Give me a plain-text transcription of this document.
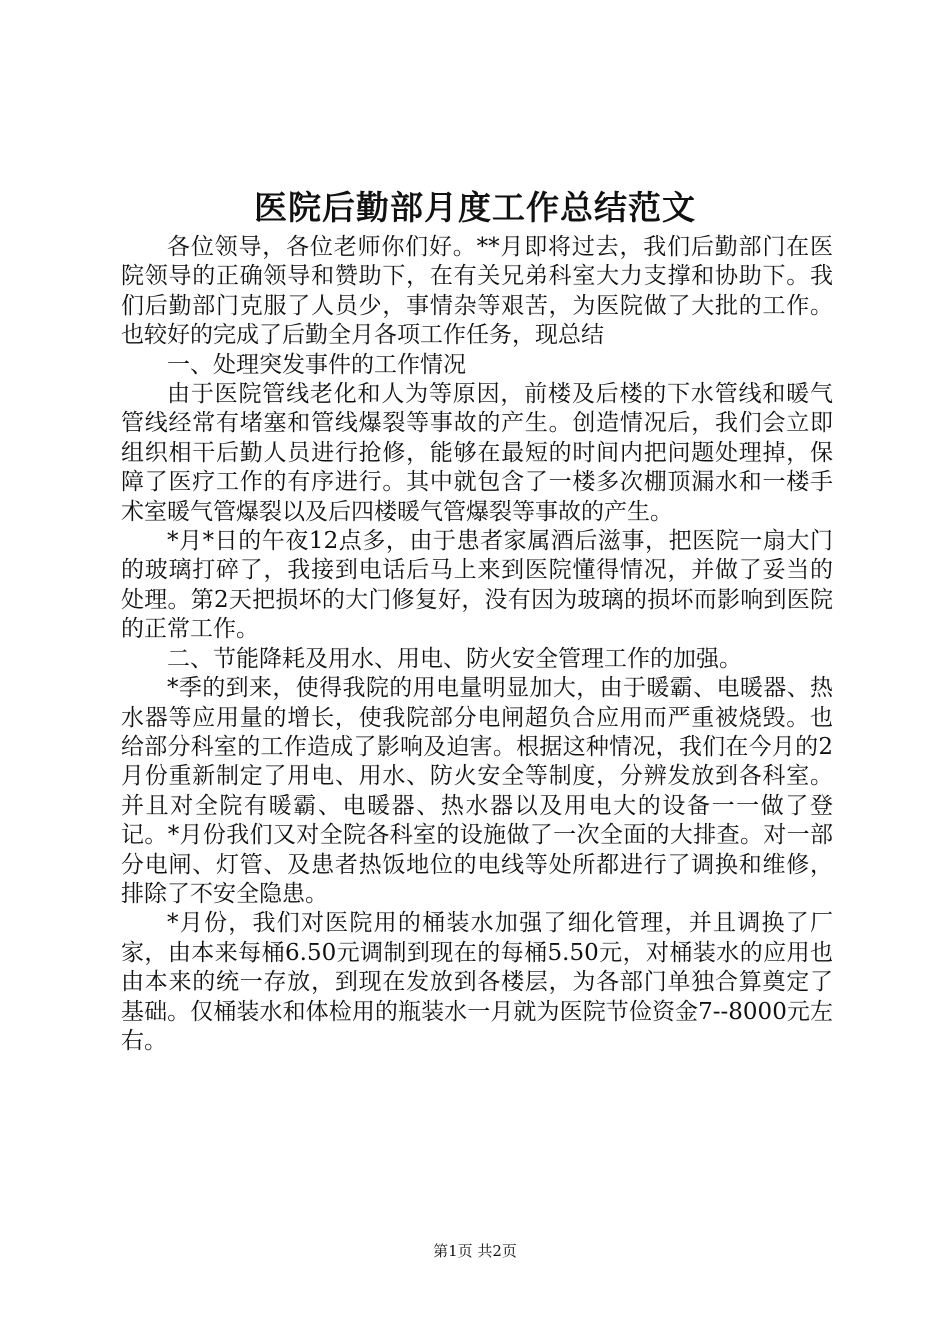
医院后勤部月度工作总结范文

各位领导，各位老师你们好。**月即将过去，我们后勤部门在医院领导的正确领导和赞助下，在有关兄弟科室大力支撑和协助下。我们后勤部门克服了人员少，事情杂等艰苦，为医院做了大批的工作。也较好的完成了后勤全月各项工作任务，现总结

一、处理突发事件的工作情况

由于医院管线老化和人为等原因，前楼及后楼的下水管线和暖气管线经常有堵塞和管线爆裂等事故的产生。创造情况后，我们会立即组织相干后勤人员进行抢修，能够在最短的时间内把问题处理掉，保障了医疗工作的有序进行。其中就包含了一楼多次棚顶漏水和一楼手术室暖气管爆裂以及后四楼暖气管爆裂等事故的产生。

*月*日的午夜12点多，由于患者家属酒后滋事，把医院一扇大门的玻璃打碎了，我接到电话后马上来到医院懂得情况，并做了妥当的处理。第2天把损坏的大门修复好，没有因为玻璃的损坏而影响到医院的正常工作。

二、节能降耗及用水、用电、防火安全管理工作的加强。

*季的到来，使得我院的用电量明显加大，由于暖霸、电暖器、热水器等应用量的增长，使我院部分电闸超负合应用而严重被烧毁。也给部分科室的工作造成了影响及迫害。根据这种情况，我们在今月的2月份重新制定了用电、用水、防火安全等制度，分辨发放到各科室。并且对全院有暖霸、电暖器、热水器以及用电大的设备一一做了登记。*月份我们又对全院各科室的设施做了一次全面的大排查。对一部分电闸、灯管、及患者热饭地位的电线等处所都进行了调换和维修，排除了不安全隐患。

*月份，我们对医院用的桶装水加强了细化管理，并且调换了厂家，由本来每桶6.50元调制到现在的每桶5.50元，对桶装水的应用也由本来的统一存放，到现在发放到各楼层，为各部门单独合算奠定了基础。仅桶装水和体检用的瓶装水一月就为医院节俭资金7--8000元左右。

第1页 共2页
